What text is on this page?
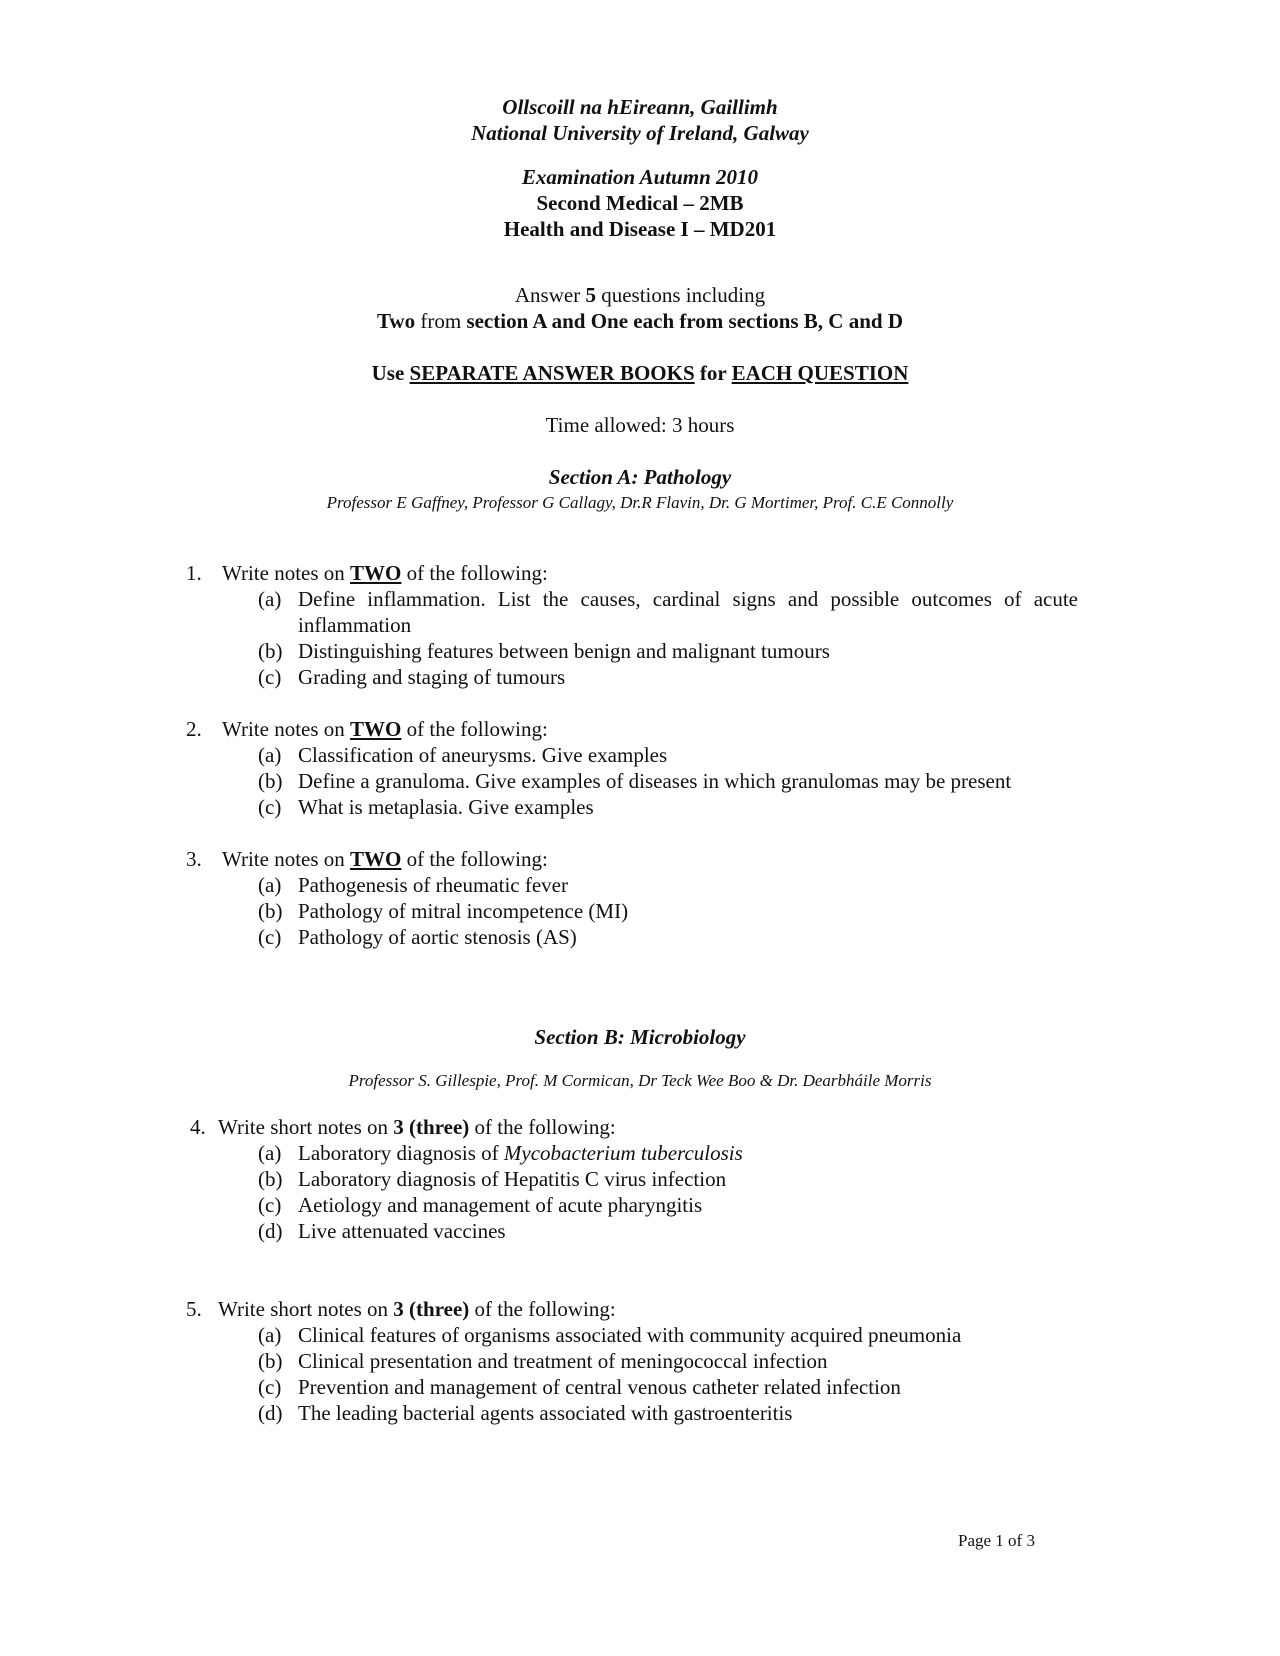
Ollscoill na hEireann, Gaillimh
National University of Ireland, Galway
Examination Autumn 2010
Second Medical – 2MB
Health and Disease I – MD201
Answer 5 questions including
Two from section A and One each from sections B, C and D
Use SEPARATE ANSWER BOOKS for EACH QUESTION
Time allowed: 3 hours
Section A: Pathology
Professor E Gaffney, Professor G Callagy, Dr.R Flavin, Dr. G Mortimer, Prof. C.E Connolly
1. Write notes on TWO of the following:
(a) Define inflammation. List the causes, cardinal signs and possible outcomes of acute inflammation
(b) Distinguishing features between benign and malignant tumours
(c) Grading and staging of tumours
2. Write notes on TWO of the following:
(a) Classification of aneurysms. Give examples
(b) Define a granuloma. Give examples of diseases in which granulomas may be present
(c) What is metaplasia. Give examples
3. Write notes on TWO of the following:
(a) Pathogenesis of rheumatic fever
(b) Pathology of mitral incompetence (MI)
(c) Pathology of aortic stenosis (AS)
Section B: Microbiology
Professor S. Gillespie, Prof. M Cormican, Dr Teck Wee Boo & Dr. Dearbháile Morris
4. Write short notes on 3 (three) of the following:
(a) Laboratory diagnosis of Mycobacterium tuberculosis
(b) Laboratory diagnosis of Hepatitis C virus infection
(c) Aetiology and management of acute pharyngitis
(d) Live attenuated vaccines
5. Write short notes on 3 (three) of the following:
(a) Clinical features of organisms associated with community acquired pneumonia
(b) Clinical presentation and treatment of meningococcal infection
(c) Prevention and management of central venous catheter related infection
(d) The leading bacterial agents associated with gastroenteritis
Page 1 of 3
